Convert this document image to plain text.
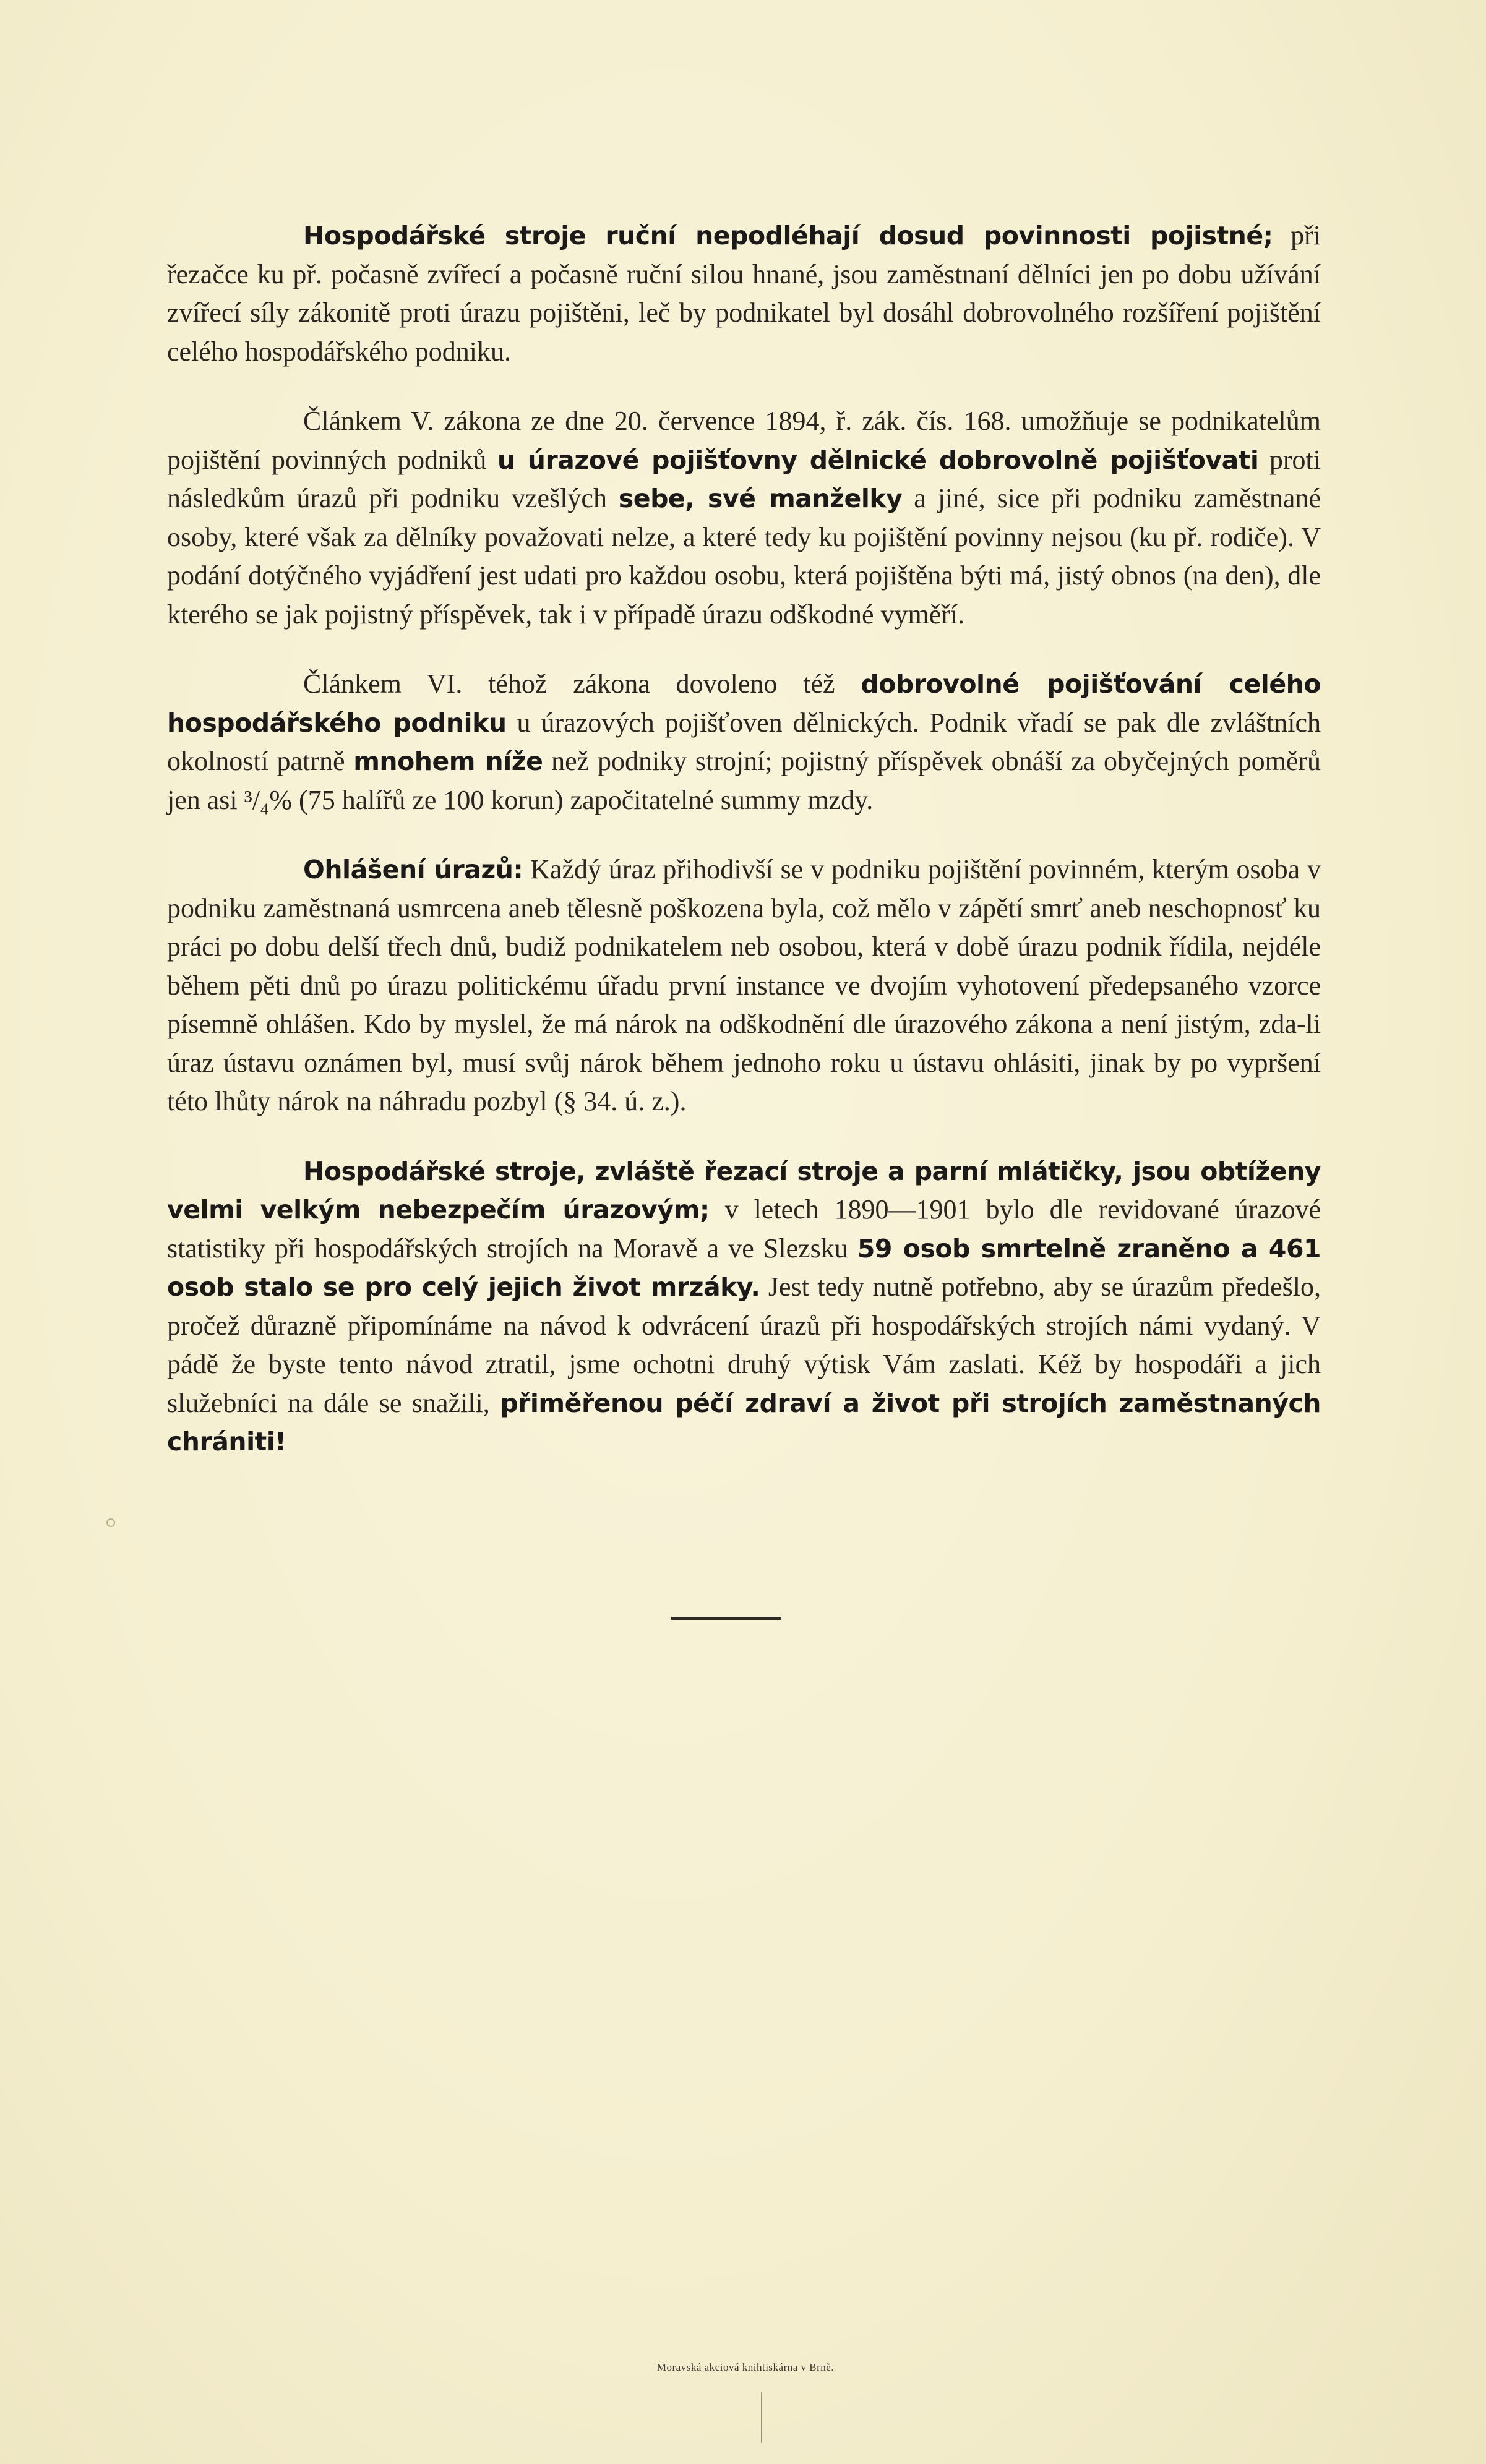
Hospodářské stroje ruční nepodléhají dosud povinnosti pojistné; při řezačce ku př. počasně zvířecí a počasně ruční silou hnané, jsou zaměstnaní dělníci jen po dobu užívání zvířecí síly zákonitě proti úrazu pojištěni, leč by podnikatel byl dosáhl dobrovolného rozšíření pojištění celého hospodářského podniku.

Článkem V. zákona ze dne 20. července 1894, ř. zák. čís. 168. umožňuje se podnikatelům pojištění povinných podniků u úrazové pojišťovny dělnické dobrovolně pojišťovati proti následkům úrazů při podniku vzešlých sebe, své manželky a jiné, sice při podniku zaměstnané osoby, které však za dělníky považovati nelze, a které tedy ku pojištění povinny nejsou (ku př. rodiče). V podání dotýčného vyjádření jest udati pro každou osobu, která pojištěna býti má, jistý obnos (na den), dle kterého se jak pojistný příspěvek, tak i v případě úrazu odškodné vyměří.

Článkem VI. téhož zákona dovoleno též dobrovolné pojišťování celého hospodářského podniku u úrazových pojišťoven dělnických. Podnik vřadí se pak dle zvláštních okolností patrně mnohem níže než podniky strojní; pojistný příspěvek obnáší za obyčejných poměrů jen asi ³/₄% (75 halířů ze 100 korun) započitatelné summy mzdy.

Ohlášení úrazů: Každý úraz přihodivší se v podniku pojištění povinném, kterým osoba v podniku zaměstnaná usmrcena aneb tělesně poškozena byla, což mělo v zápětí smrť aneb neschopnosť ku práci po dobu delší třech dnů, budiž podnikatelem neb osobou, která v době úrazu podnik řídila, nejdéle během pěti dnů po úrazu politickému úřadu první instance ve dvojím vyhotovení předepsaného vzorce písemně ohlášen. Kdo by myslel, že má nárok na odškodnění dle úrazového zákona a není jistým, zda-li úraz ústavu oznámen byl, musí svůj nárok během jednoho roku u ústavu ohlásiti, jinak by po vypršení této lhůty nárok na náhradu pozbyl (§ 34. ú. z.).

Hospodářské stroje, zvláště řezací stroje a parní mlátičky, jsou obtíženy velmi velkým nebezpečím úrazovým; v letech 1890—1901 bylo dle revidované úrazové statistiky při hospodářských strojích na Moravě a ve Slezsku 59 osob smrtelně zraněno a 461 osob stalo se pro celý jejich život mrzáky. Jest tedy nutně potřebno, aby se úrazům předešlo, pročež důrazně připomínáme na návod k odvrácení úrazů při hospodářských strojích námi vydaný. V pádě že byste tento návod ztratil, jsme ochotni druhý výtisk Vám zaslati. Kéž by hospodáři a jich služebníci na dále se snažili, přiměřenou péčí zdraví a život při strojích zaměstnaných chrániti!

Moravská akciová knihtiskárna v Brně.
